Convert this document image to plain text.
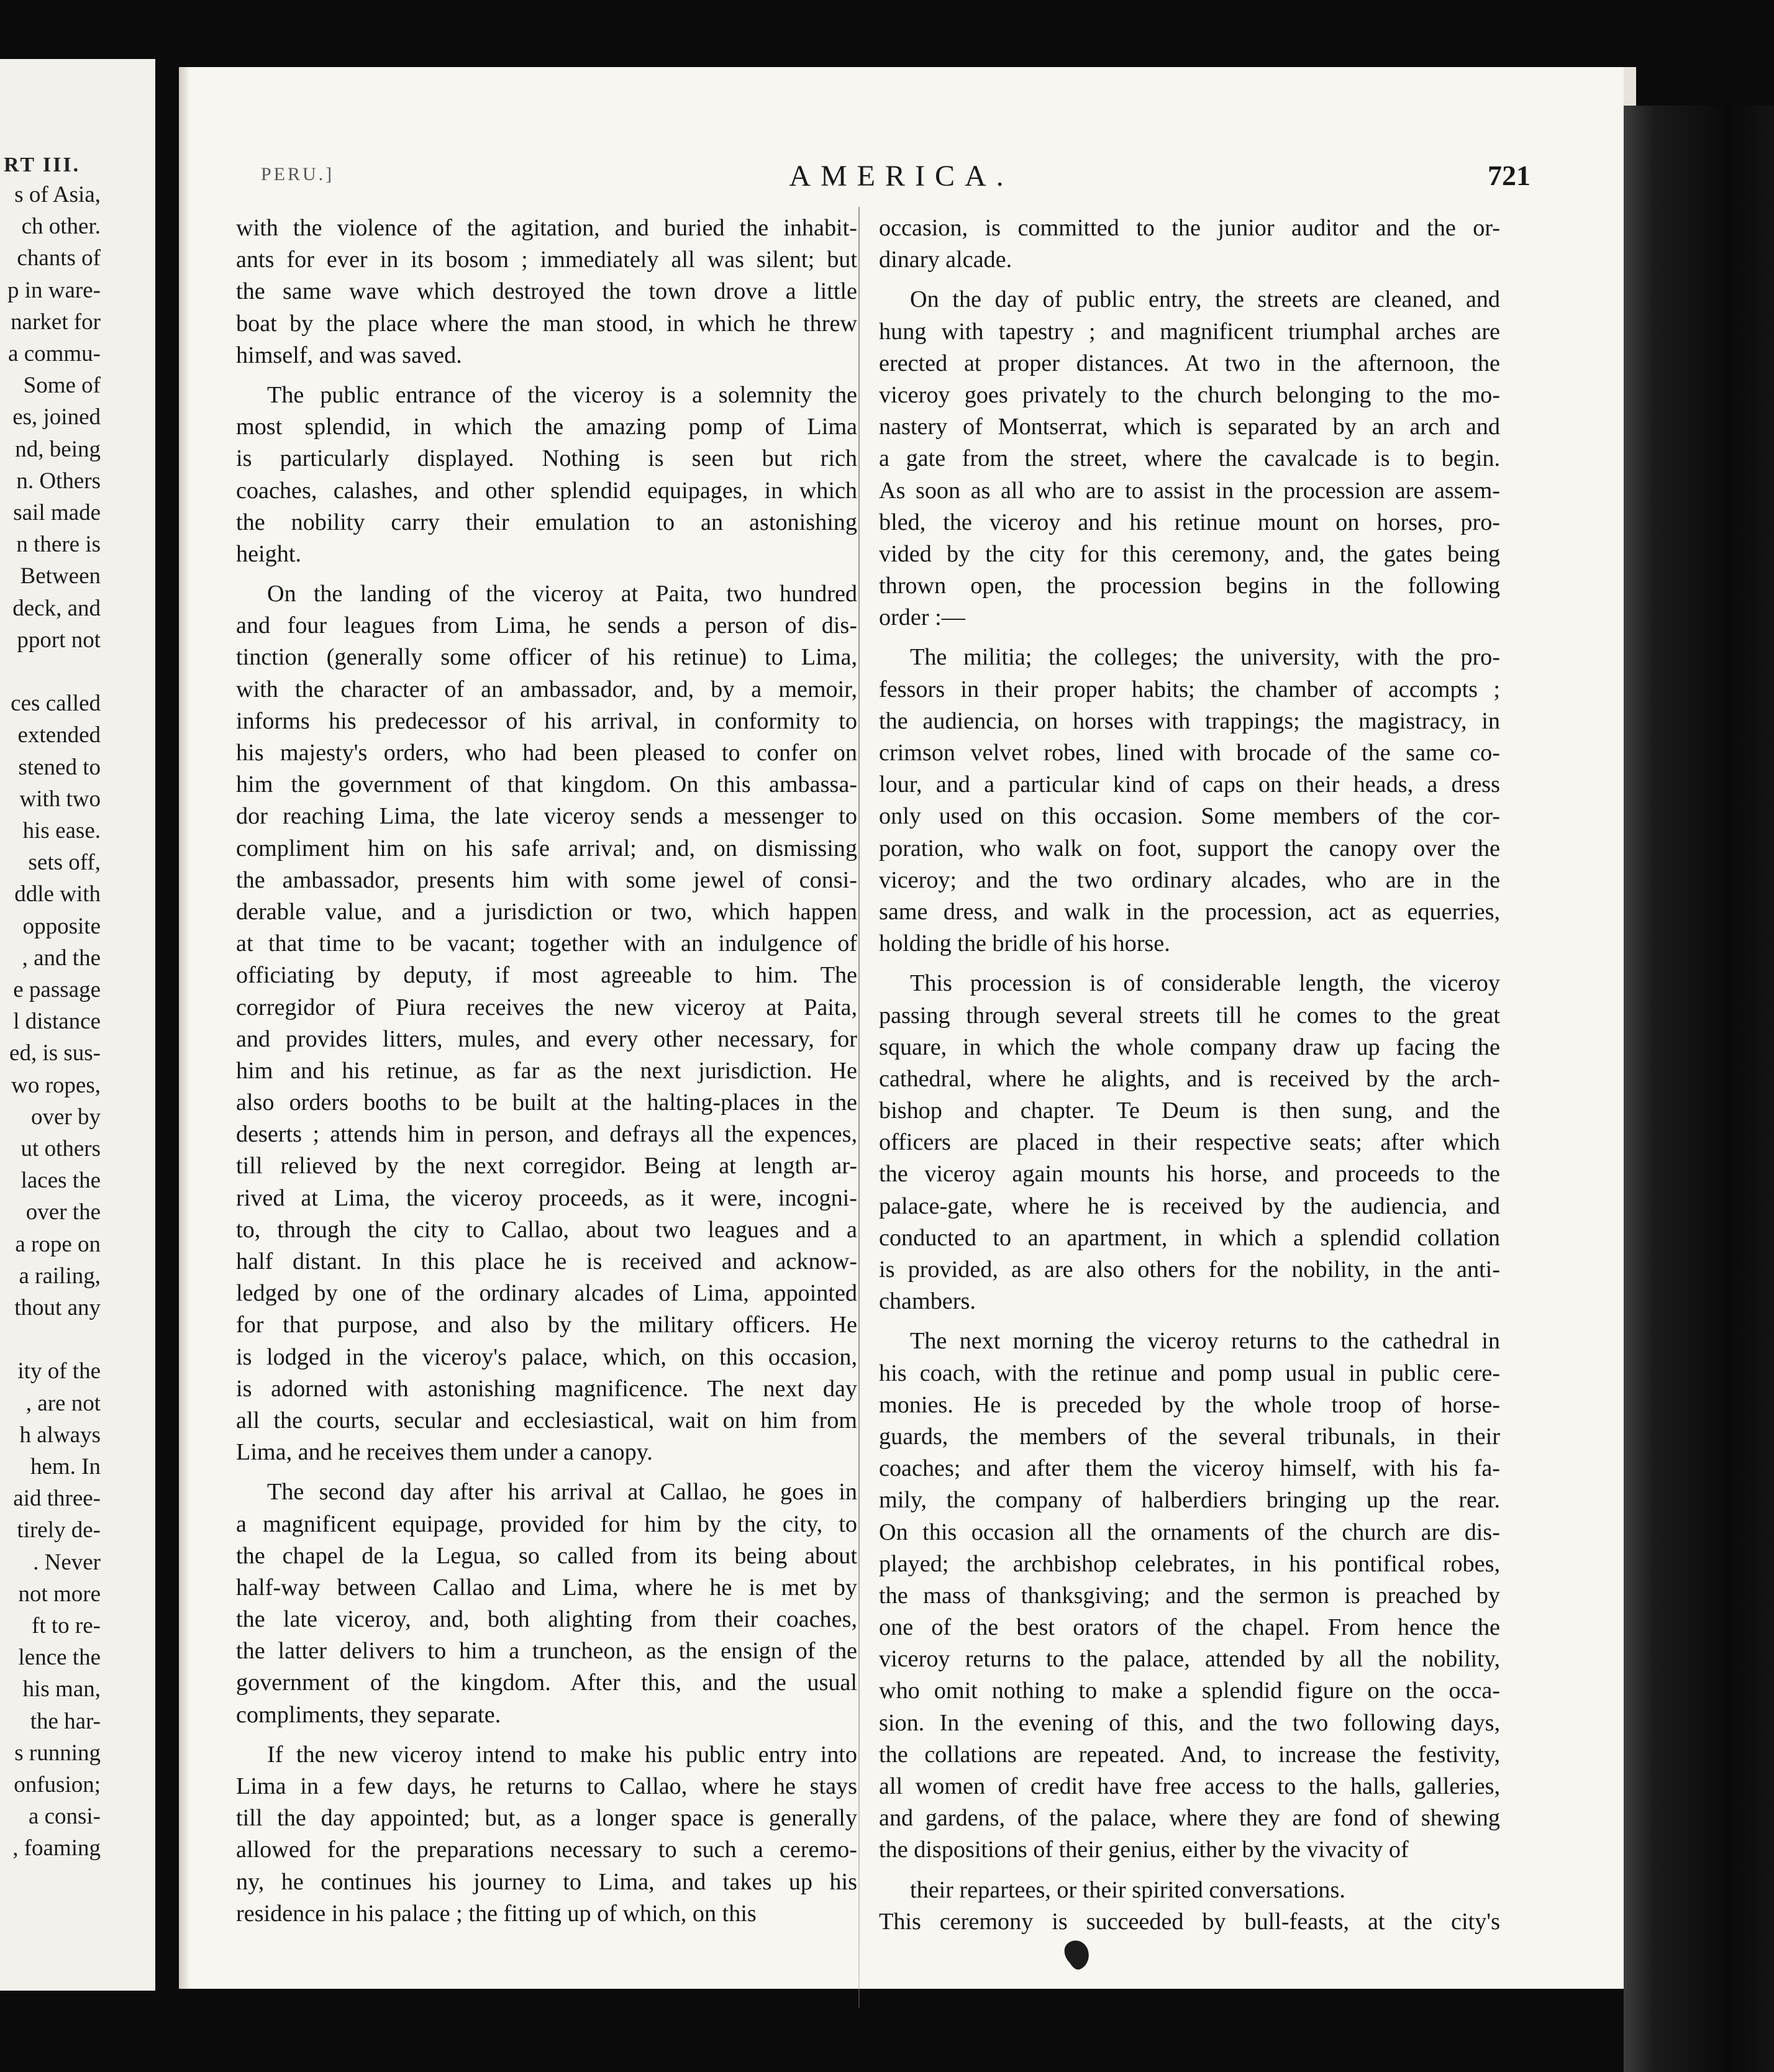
RT III.
s of Asia,
ch other.
chants of
p in ware-
narket for
a commu-
Some of
es, joined
nd, being
n. Others
sail made
n there is
Between
deck, and
pport not
ces called
extended
stened to
with two
his ease.
sets off,
ddle with
opposite
, and the
e passage
l distance
ed, is sus-
wo ropes,
over by
ut others
laces the
over the
a rope on
a railing,
thout any
ity of the
, are not
h always
hem. In
aid three-
tirely de-
. Never
not more
ft to re-
lence the
his man,
the har-
s running
onfusion;
a consi-
, foaming
PERU.]	AMERICA.	721
with the violence of the agitation, and buried the inhabit-
ants for ever in its bosom ; immediately all was silent; but
the same wave which destroyed the town drove a little
boat by the place where the man stood, in which he threw
himself, and was saved.
The public entrance of the viceroy is a solemnity the
most splendid, in which the amazing pomp of Lima
is particularly displayed. Nothing is seen but rich
coaches, calashes, and other splendid equipages, in which
the nobility carry their emulation to an astonishing
height.
On the landing of the viceroy at Paita, two hundred
and four leagues from Lima, he sends a person of dis-
tinction (generally some officer of his retinue) to Lima,
with the character of an ambassador, and, by a memoir,
informs his predecessor of his arrival, in conformity to
his majesty's orders, who had been pleased to confer on
him the government of that kingdom. On this ambassa-
dor reaching Lima, the late viceroy sends a messenger to
compliment him on his safe arrival; and, on dismissing
the ambassador, presents him with some jewel of consi-
derable value, and a jurisdiction or two, which happen
at that time to be vacant; together with an indulgence of
officiating by deputy, if most agreeable to him. The
corregidor of Piura receives the new viceroy at Paita,
and provides litters, mules, and every other necessary, for
him and his retinue, as far as the next jurisdiction. He
also orders booths to be built at the halting-places in the
deserts ; attends him in person, and defrays all the expences,
till relieved by the next corregidor. Being at length ar-
rived at Lima, the viceroy proceeds, as it were, incogni-
to, through the city to Callao, about two leagues and a
half distant. In this place he is received and acknow-
ledged by one of the ordinary alcades of Lima, appointed
for that purpose, and also by the military officers. He
is lodged in the viceroy's palace, which, on this occasion,
is adorned with astonishing magnificence. The next day
all the courts, secular and ecclesiastical, wait on him from
Lima, and he receives them under a canopy.
The second day after his arrival at Callao, he goes in
a magnificent equipage, provided for him by the city, to
the chapel de la Legua, so called from its being about
half-way between Callao and Lima, where he is met by
the late viceroy, and, both alighting from their coaches,
the latter delivers to him a truncheon, as the ensign of the
government of the kingdom. After this, and the usual
compliments, they separate.
If the new viceroy intend to make his public entry into
Lima in a few days, he returns to Callao, where he stays
till the day appointed; but, as a longer space is generally
allowed for the preparations necessary to such a ceremo-
ny, he continues his journey to Lima, and takes up his
residence in his palace ; the fitting up of which, on this
occasion, is committed to the junior auditor and the or-
dinary alcade.
On the day of public entry, the streets are cleaned, and
hung with tapestry ; and magnificent triumphal arches are
erected at proper distances. At two in the afternoon, the
viceroy goes privately to the church belonging to the mo-
nastery of Montserrat, which is separated by an arch and
a gate from the street, where the cavalcade is to begin.
As soon as all who are to assist in the procession are assem-
bled, the viceroy and his retinue mount on horses, pro-
vided by the city for this ceremony, and, the gates being
thrown open, the procession begins in the following
order :—
The militia; the colleges; the university, with the pro-
fessors in their proper habits; the chamber of accompts ;
the audiencia, on horses with trappings; the magistracy, in
crimson velvet robes, lined with brocade of the same co-
lour, and a particular kind of caps on their heads, a dress
only used on this occasion. Some members of the cor-
poration, who walk on foot, support the canopy over the
viceroy; and the two ordinary alcades, who are in the
same dress, and walk in the procession, act as equerries,
holding the bridle of his horse.
This procession is of considerable length, the viceroy
passing through several streets till he comes to the great
square, in which the whole company draw up facing the
cathedral, where he alights, and is received by the arch-
bishop and chapter. Te Deum is then sung, and the
officers are placed in their respective seats; after which
the viceroy again mounts his horse, and proceeds to the
palace-gate, where he is received by the audiencia, and
conducted to an apartment, in which a splendid collation
is provided, as are also others for the nobility, in the anti-
chambers.
The next morning the viceroy returns to the cathedral in
his coach, with the retinue and pomp usual in public cere-
monies. He is preceded by the whole troop of horse-
guards, the members of the several tribunals, in their
coaches; and after them the viceroy himself, with his fa-
mily, the company of halberdiers bringing up the rear.
On this occasion all the ornaments of the church are dis-
played; the archbishop celebrates, in his pontifical robes,
the mass of thanksgiving; and the sermon is preached by
one of the best orators of the chapel. From hence the
viceroy returns to the palace, attended by all the nobility,
who omit nothing to make a splendid figure on the occa-
sion. In the evening of this, and the two following days,
the collations are repeated. And, to increase the festivity,
all women of credit have free access to the halls, galleries,
and gardens, of the palace, where they are fond of shewing
the dispositions of their genius, either by the vivacity of
their repartees, or their spirited conversations.
This ceremony is succeeded by bull-feasts, at the city's
